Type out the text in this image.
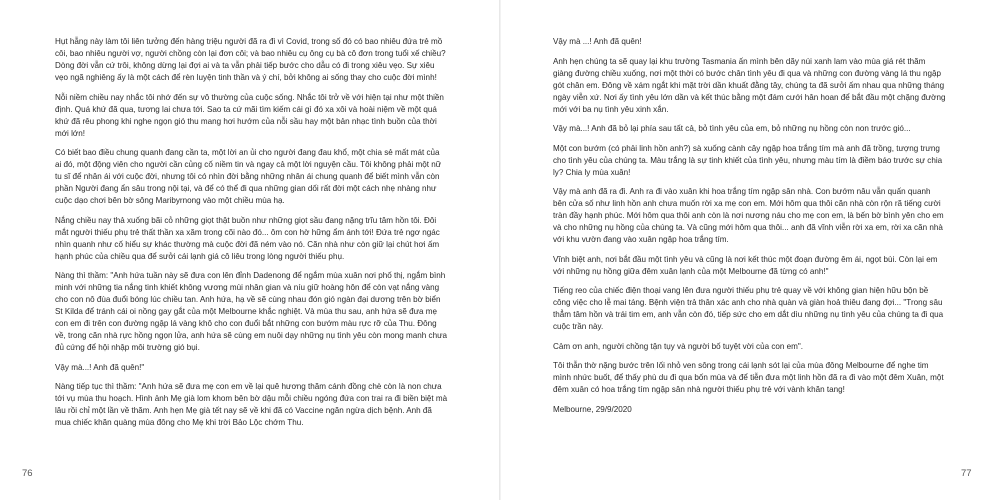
Hụt hẫng này làm tôi liên tưởng đến hàng triệu người đã ra đi vì Covid, trong số đó có bao nhiêu đứa trẻ mồ côi, bao nhiêu người vợ, người chồng còn lại đơn côi; và bao nhiêu cụ ông cụ bà cô đơn trong tuổi xế chiều? Dòng đời vẫn cứ trôi, không dừng lại đợi ai và ta vẫn phải tiếp bước cho dẫu có đi trong xiêu vẹo. Sự xiêu vẹo ngã nghiêng ấy là một cách để rèn luyện tinh thần và ý chí, bởi không ai sống thay cho cuộc đời mình!

Nỗi niềm chiều nay nhắc tôi nhớ đến sự vô thường của cuộc sống. Nhắc tôi trở về với hiện tại như một thiền định. Quá khứ đã qua, tương lai chưa tới. Sao ta cứ mãi tìm kiếm cái gì đó xa xôi và hoài niệm về một quá khứ đã rêu phong khi nghe ngọn gió thu mang hơi hướm của nỗi sầu hay một bản nhạc tình buồn của thời mới lớn!

Có biết bao điều chung quanh đang cần ta, một lời an ủi cho người đang đau khổ, một chia sẻ mất mát của ai đó, một động viên cho người cần củng cố niềm tin và ngay cả một lời nguyện cầu. Tôi không phải một nữ tu sĩ để nhân ái với cuộc đời, nhưng tôi có nhìn đời bằng những nhân ái chung quanh để biết mình vẫn còn phần Người đang ẩn sâu trong nội tại, và để có thể đi qua những gian dối rất đời một cách nhẹ nhàng như cuộc dạo chơi bên bờ sông Maribyrnong vào một chiều mùa hạ.

Nắng chiều nay thả xuống bãi cỏ những giọt thật buồn như những giọt sầu đang nặng trĩu tâm hồn tôi. Đôi mắt người thiếu phụ trẻ thất thần xa xăm trong cõi nào đó... ôm con hờ hững ẩm ánh tới! Đứa trẻ ngơ ngác nhìn quanh như cố hiểu sự khác thường mà cuộc đời đã ném vào nó. Căn nhà như còn giữ lại chút hơi ấm hạnh phúc của chiều qua để sưởi cái lạnh giá cô liêu trong lòng người thiếu phụ.

Nàng thì thầm: "Anh hứa tuần này sẽ đưa con lên đỉnh Dadenong để ngắm mùa xuân nơi phố thị, ngắm bình minh với những tia nắng tinh khiết không vương mùi nhân gian và níu giữ hoàng hôn để còn vạt nắng vàng cho con nô đùa đuổi bóng lúc chiều tan. Anh hứa, hạ về sẽ cùng nhau đón gió ngàn đại dương trên bờ biển St Kilda để tránh cái oi nồng gay gắt của một Melbourne khắc nghiệt. Và mùa thu sau, anh hứa sẽ đưa mẹ con em đi trên con đường ngập lá vàng khô cho con đuổi bắt những con bướm màu rực rỡ của Thu. Đông về, trong căn nhà rực hồng ngọn lửa, anh hứa sẽ cùng em nuôi dạy những nụ tình yêu còn mong manh chưa đủ cứng để hội nhập môi trường gió bụi.

Vậy mà...! Anh đã quên!"

Nàng tiếp tục thì thầm: "Anh hứa sẽ đưa mẹ con em về lại quê hương thăm cánh đồng chè còn là non chưa tới vụ mùa thu hoạch. Hình ảnh Mẹ già lom khom bên bờ dậu mỗi chiều ngóng đứa con trai ra đi biền biệt mà lâu rồi chỉ một lần về thăm. Anh hẹn Mẹ già tết nay sẽ về khi đã có Vaccine ngăn ngừa dịch bệnh. Anh đã mua chiếc khăn quàng mùa đông cho Mẹ khi trời Bảo Lộc chớm Thu.

76

Vậy mà ...! Anh đã quên!

Anh hẹn chúng ta sẽ quay lại khu trường Tasmania ấn mình bên dãy núi xanh lam vào mùa giá rét thăm giàng đường chiều xuống, nơi một thời có bước chân tình yêu đi qua và những con đường vàng lá thu ngập gót chân em. Đông về xám ngắt khi mặt trời dần khuất đằng tây, chúng ta đã sưởi ấm nhau qua những tháng ngày viễn xứ. Nơi ấy tình yêu lớn dần và kết thúc bằng một đám cưới hân hoan để bắt đầu một chặng đường mới với ba nụ tình yêu xinh xắn.

Vậy mà...! Anh đã bỏ lại phía sau tất cả, bỏ tình yêu của em, bỏ những nụ hồng còn non trước gió...

Một con bướm (có phải linh hồn anh?) sà xuống cành cây ngập hoa trắng tím mà anh đã trồng, tượng trưng cho tình yêu của chúng ta. Màu trắng là sự tinh khiết của tình yêu, nhưng màu tím là điềm báo trước sự chia ly? Chia ly mùa xuân!

Vậy mà anh đã ra đi. Anh ra đi vào xuân khi hoa trắng tím ngập sân nhà. Con bướm nâu vẫn quấn quanh bên cửa số như linh hồn anh chưa muốn rời xa mẹ con em. Mới hôm qua thôi căn nhà còn rộn rã tiếng cười tràn đầy hạnh phúc. Mới hôm qua thôi anh còn là nơi nương náu cho mẹ con em, là bến bờ bình yên cho em và cho những nụ hồng của chúng ta. Và cũng mới hôm qua thôi... anh đã vĩnh viễn rời xa em, rời xa căn nhà với khu vườn đang vào xuân ngập hoa trắng tím.

Vĩnh biệt anh, nơi bắt đầu một tình yêu và cũng là nơi kết thúc một đoạn đường êm ái, ngọt bùi. Còn lại em với những nụ hồng giữa đêm xuân lạnh của một Melbourne đã từng có anh!"

Tiếng reo của chiếc điện thoại vang lên đưa người thiếu phụ trẻ quay về với không gian hiện hữu bộn bề công việc cho lễ mai táng. Bệnh viện trả thân xác anh cho nhà quàn và giàn hoả thiêu đang đợi... "Trong sâu thẳm tâm hồn và trái tim em, anh vẫn còn đó, tiếp sức cho em dắt dìu những nụ tình yêu của chúng ta đi qua cuộc trần này.

Cảm ơn anh, người chồng tận tụy và người bố tuyệt vời của con em".

Tôi thẫn thờ nặng bước trên lối nhỏ ven sông trong cái lạnh sót lại của mùa đông Melbourne để nghe tim mình nhức buốt, để thấy phù du đi qua bốn mùa và để tiễn đưa một linh hồn đã ra đi vào một đêm Xuân, một đêm xuân có hoa trắng tím ngập sân nhà người thiếu phụ trẻ với vành khăn tang!

Melbourne, 29/9/2020

77
